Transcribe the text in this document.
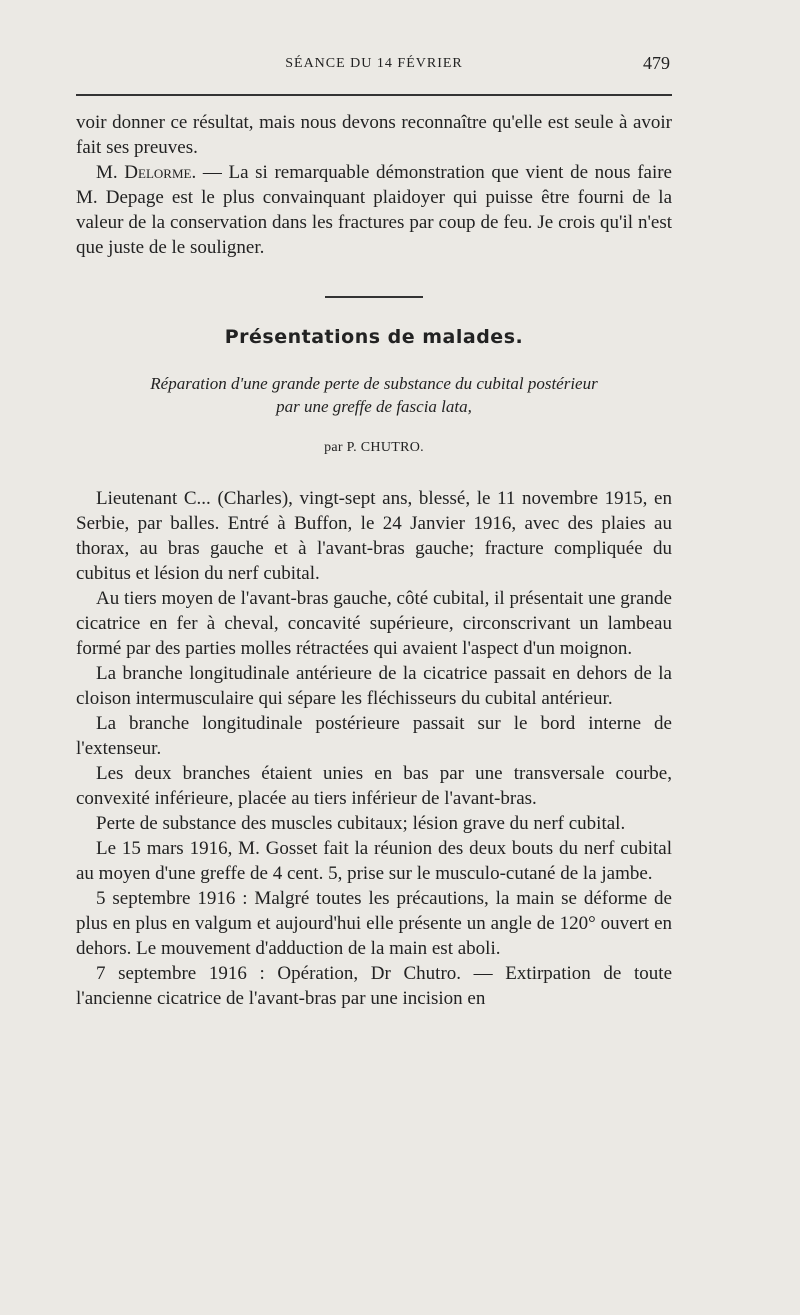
SÉANCE DU 14 FÉVRIER	479

voir donner ce résultat, mais nous devons reconnaître qu'elle est seule à avoir fait ses preuves.

M. Delorme. — La si remarquable démonstration que vient de nous faire M. Depage est le plus convainquant plaidoyer qui puisse être fourni de la valeur de la conservation dans les fractures par coup de feu. Je crois qu'il n'est que juste de le souligner.

Présentations de malades.
Réparation d'une grande perte de substance du cubital postérieur
par une greffe de fascia lata,
par P. CHUTRO.

Lieutenant C... (Charles), vingt-sept ans, blessé, le 11 novembre 1915, en Serbie, par balles. Entré à Buffon, le 24 Janvier 1916, avec des plaies au thorax, au bras gauche et à l'avant-bras gauche; fracture compliquée du cubitus et lésion du nerf cubital.

Au tiers moyen de l'avant-bras gauche, côté cubital, il présentait une grande cicatrice en fer à cheval, concavité supérieure, circonscrivant un lambeau formé par des parties molles rétractées qui avaient l'aspect d'un moignon.

La branche longitudinale antérieure de la cicatrice passait en dehors de la cloison intermusculaire qui sépare les fléchisseurs du cubital antérieur.

La branche longitudinale postérieure passait sur le bord interne de l'extenseur.

Les deux branches étaient unies en bas par une transversale courbe, convexité inférieure, placée au tiers inférieur de l'avant-bras.

Perte de substance des muscles cubitaux; lésion grave du nerf cubital.

Le 15 mars 1916, M. Gosset fait la réunion des deux bouts du nerf cubital au moyen d'une greffe de 4 cent. 5, prise sur le musculo-cutané de la jambe.

5 septembre 1916 : Malgré toutes les précautions, la main se déforme de plus en plus en valgum et aujourd'hui elle présente un angle de 120° ouvert en dehors. Le mouvement d'adduction de la main est aboli.

7 septembre 1916 : Opération, Dr Chutro. — Extirpation de toute l'ancienne cicatrice de l'avant-bras par une incision en
